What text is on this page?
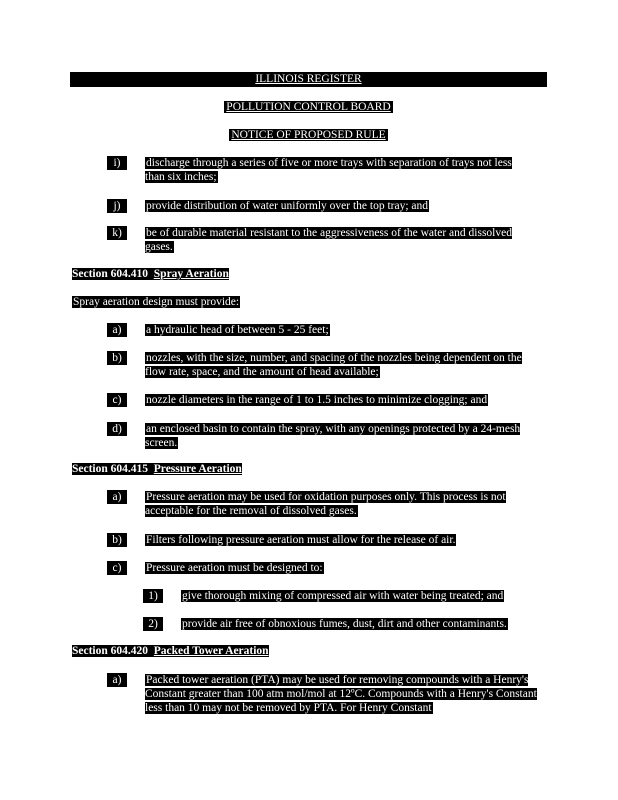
ILLINOIS REGISTER
POLLUTION CONTROL BOARD
NOTICE OF PROPOSED RULE
i)	discharge through a series of five or more trays with separation of trays not less than six inches;
j)	provide distribution of water uniformly over the top tray; and
k)	be of durable material resistant to the aggressiveness of the water and dissolved gases.
Section 604.410 Spray Aeration
Spray aeration design must provide:
a)	a hydraulic head of between 5 - 25 feet;
b)	nozzles, with the size, number, and spacing of the nozzles being dependent on the flow rate, space, and the amount of head available;
c)	nozzle diameters in the range of 1 to 1.5 inches to minimize clogging; and
d)	an enclosed basin to contain the spray, with any openings protected by a 24-mesh screen.
Section 604.415 Pressure Aeration
a)	Pressure aeration may be used for oxidation purposes only. This process is not acceptable for the removal of dissolved gases.
b)	Filters following pressure aeration must allow for the release of air.
c)	Pressure aeration must be designed to:
1)	give thorough mixing of compressed air with water being treated; and
2)	provide air free of obnoxious fumes, dust, dirt and other contaminants.
Section 604.420 Packed Tower Aeration
a)	Packed tower aeration (PTA) may be used for removing compounds with a Henry's Constant greater than 100 atm mol/mol at 12ºC. Compounds with a Henry's Constant less than 10 may not be removed by PTA. For Henry Constant
